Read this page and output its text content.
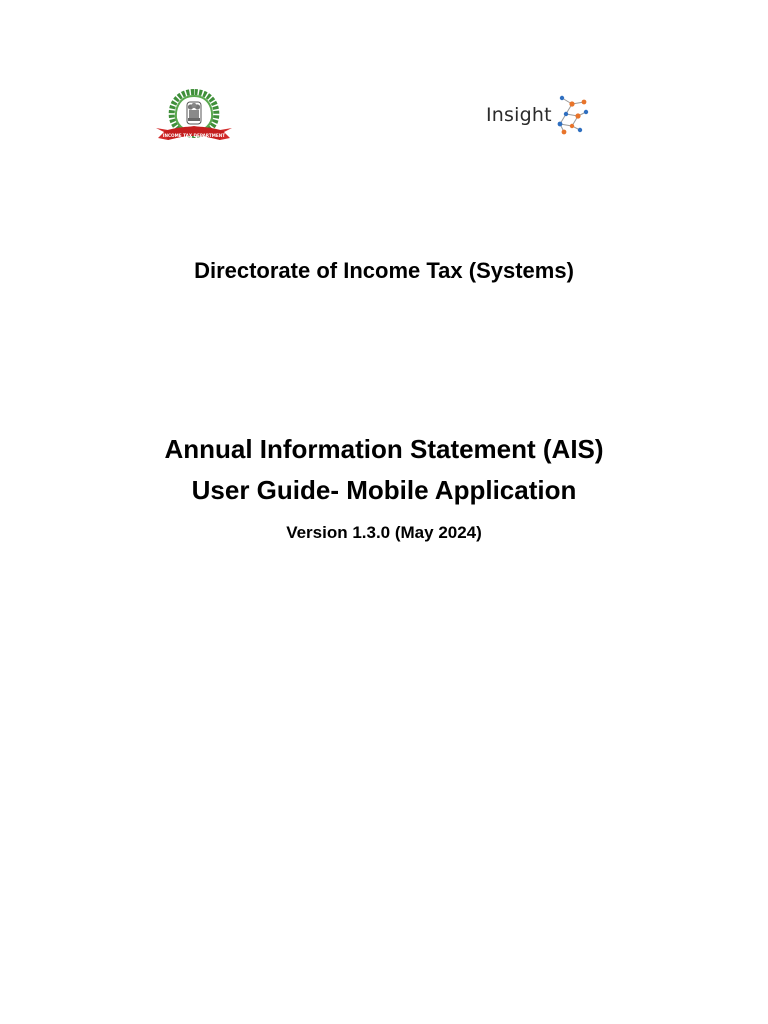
INCOME TAX DEPARTMENT
Insight
Directorate of Income Tax (Systems)
Annual Information Statement (AIS)
User Guide- Mobile Application
Version 1.3.0 (May 2024)
